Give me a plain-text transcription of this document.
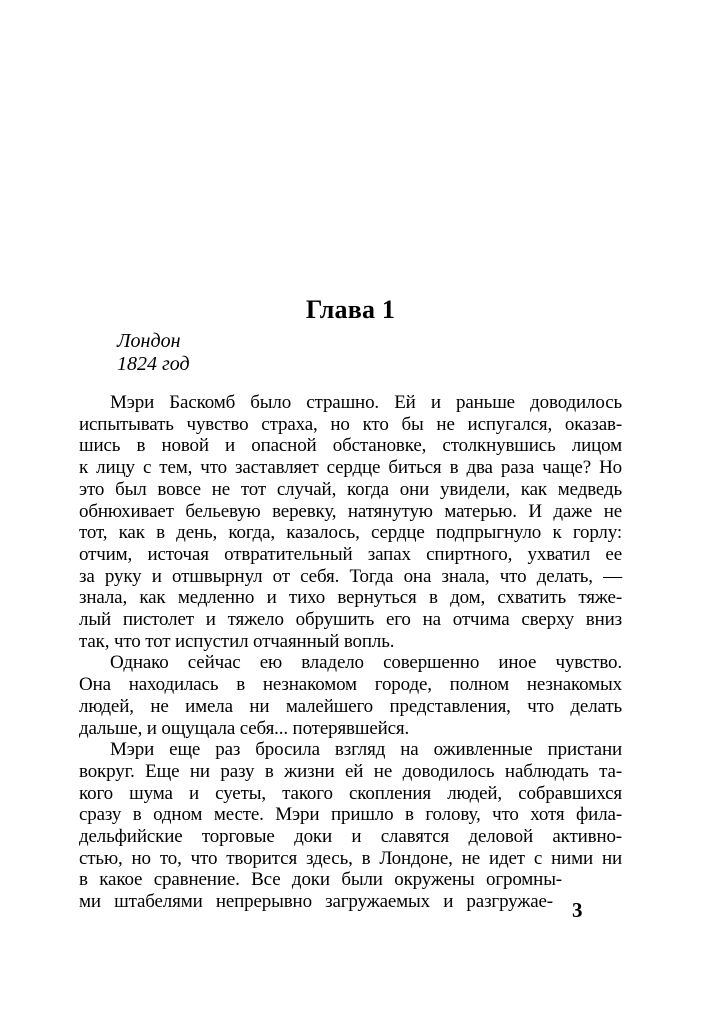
Глава 1
Лондон
1824 год
Мэри Баскомб было страшно. Ей и раньше доводилось
испытывать чувство страха, но кто бы не испугался, оказав-
шись в новой и опасной обстановке, столкнувшись лицом
к лицу с тем, что заставляет сердце биться в два раза чаще? Но
это был вовсе не тот случай, когда они увидели, как медведь
обнюхивает бельевую веревку, натянутую матерью. И даже не
тот, как в день, когда, казалось, сердце подпрыгнуло к горлу:
отчим, источая отвратительный запах спиртного, ухватил ее
за руку и отшвырнул от себя. Тогда она знала, что делать, —
знала, как медленно и тихо вернуться в дом, схватить тяже-
лый пистолет и тяжело обрушить его на отчима сверху вниз
так, что тот испустил отчаянный вопль.
Однако сейчас ею владело совершенно иное чувство.
Она находилась в незнакомом городе, полном незнакомых
людей, не имела ни малейшего представления, что делать
дальше, и ощущала себя... потерявшейся.
Мэри еще раз бросила взгляд на оживленные пристани
вокруг. Еще ни разу в жизни ей не доводилось наблюдать та-
кого шума и суеты, такого скопления людей, собравшихся
сразу в одном месте. Мэри пришло в голову, что хотя фила-
дельфийские торговые доки и славятся деловой активно-
стью, но то, что творится здесь, в Лондоне, не идет с ними ни
в какое сравнение. Все доки были окружены огромны-
ми штабелями непрерывно загружаемых и разгружае- 3
